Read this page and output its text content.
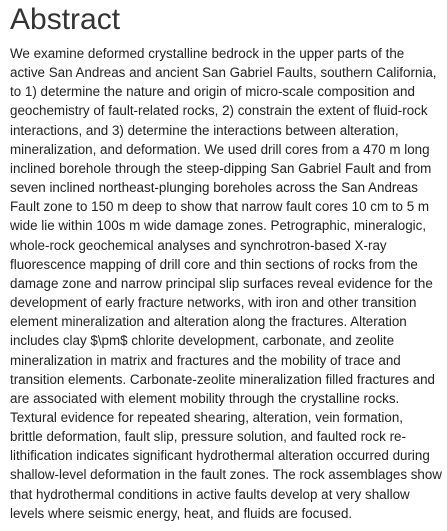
Abstract

We examine deformed crystalline bedrock in the upper parts of the
active San Andreas and ancient San Gabriel Faults, southern California,
to 1) determine the nature and origin of micro-scale composition and
geochemistry of fault-related rocks, 2) constrain the extent of fluid-rock
interactions, and 3) determine the interactions between alteration,
mineralization, and deformation. We used drill cores from a 470 m long
inclined borehole through the steep-dipping San Gabriel Fault and from
seven inclined northeast-plunging boreholes across the San Andreas
Fault zone to 150 m deep to show that narrow fault cores 10 cm to 5 m
wide lie within 100s m wide damage zones. Petrographic, mineralogic,
whole-rock geochemical analyses and synchrotron-based X-ray
fluorescence mapping of drill core and thin sections of rocks from the
damage zone and narrow principal slip surfaces reveal evidence for the
development of early fracture networks, with iron and other transition
element mineralization and alteration along the fractures. Alteration
includes clay $\pm$ chlorite development, carbonate, and zeolite
mineralization in matrix and fractures and the mobility of trace and
transition elements. Carbonate-zeolite mineralization filled fractures and
are associated with element mobility through the crystalline rocks.
Textural evidence for repeated shearing, alteration, vein formation,
brittle deformation, fault slip, pressure solution, and faulted rock re-
lithification indicates significant hydrothermal alteration occurred during
shallow-level deformation in the fault zones. The rock assemblages show
that hydrothermal conditions in active faults develop at very shallow
levels where seismic energy, heat, and fluids are focused.
